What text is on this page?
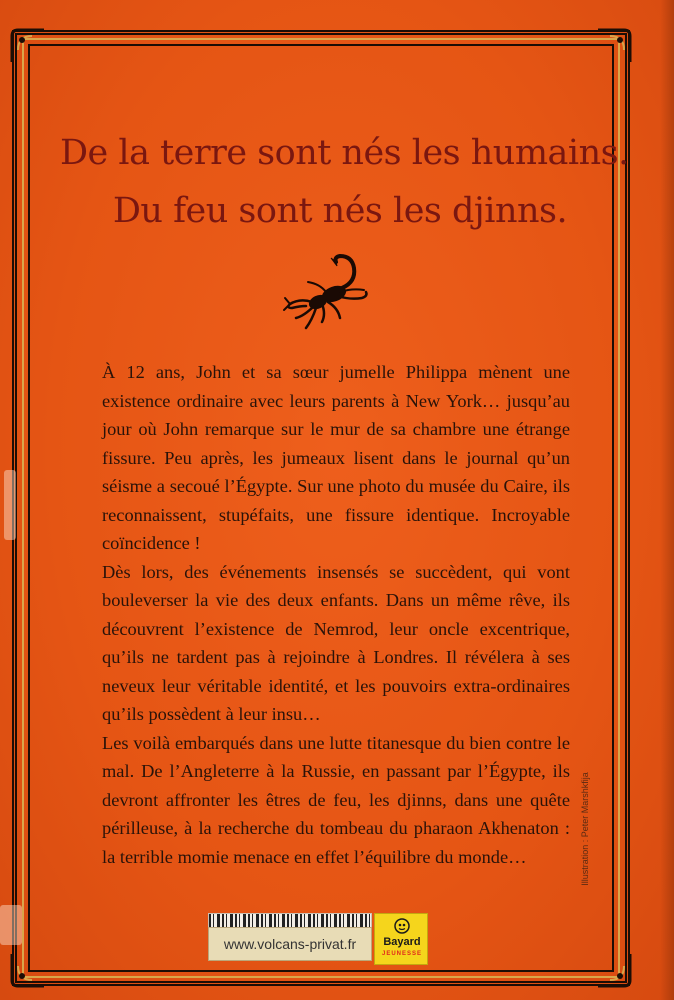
De la terre sont nés les humains.
Du feu sont nés les djinns.

À 12 ans, John et sa sœur jumelle Philippa mènent une existence ordinaire avec leurs parents à New York… jusqu’au jour où John remarque sur le mur de sa chambre une étrange fissure. Peu après, les jumeaux lisent dans le journal qu’un séisme a secoué l’Égypte. Sur une photo du musée du Caire, ils reconnaissent, stupéfaits, une fissure identique. Incroyable coïncidence !

Dès lors, des événements insensés se succèdent, qui vont bouleverser la vie des deux enfants. Dans un même rêve, ils découvrent l’existence de Nemrod, leur oncle excentrique, qu’ils ne tardent pas à rejoindre à Londres. Il révélera à ses neveux leur véritable identité, et les pouvoirs extra-ordinaires qu’ils possèdent à leur insu…

Les voilà embarqués dans une lutte titanesque du bien contre le mal. De l’Angleterre à la Russie, en passant par l’Égypte, ils devront affronter les êtres de feu, les djinns, dans une quête périlleuse, à la recherche du tombeau du pharaon Akhenaton : la terrible momie menace en effet l’équilibre du monde…	Illustration : Peter Marshkfija
www.volcans-privat.fr	Bayard
JEUNESSE
